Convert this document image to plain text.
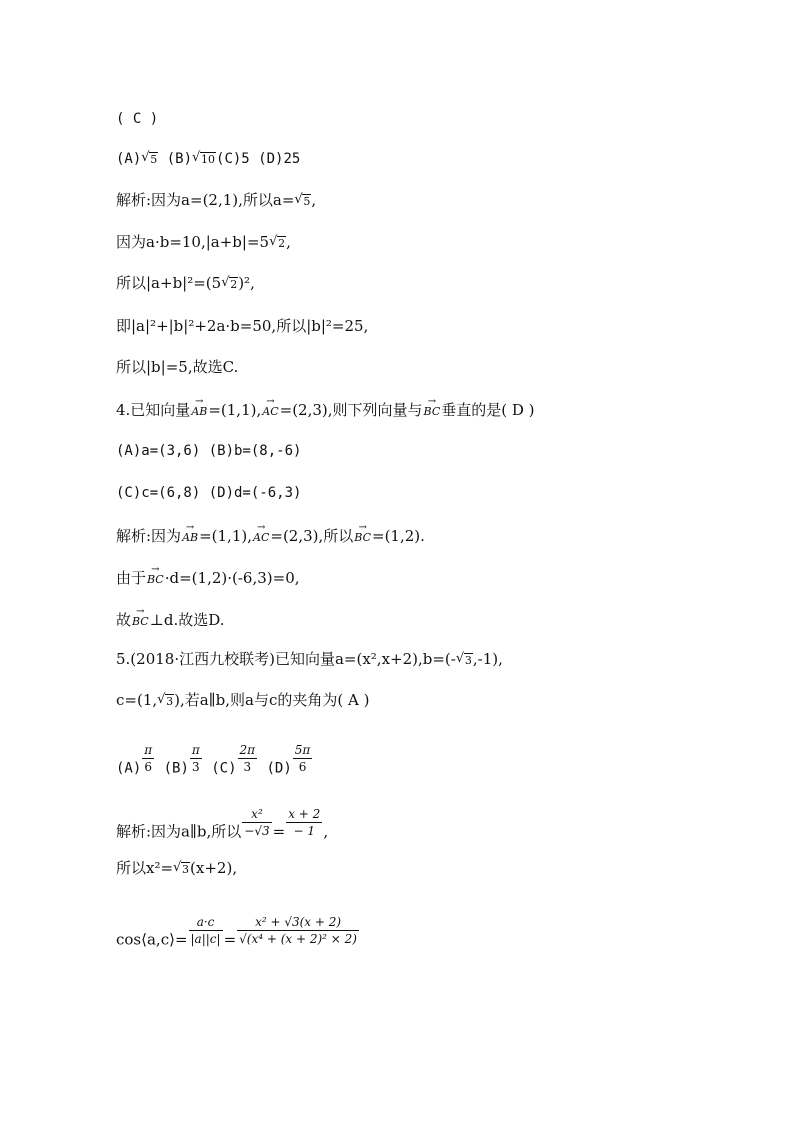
( C )
(A) √ 5 (B) √ 10(C)5 (D)25
解析:因为a=(2,1),所以a= √ 5,
因为a·b=10,|a+b|=5 √ 2,
所以|a+b|²=(5 √ 2)²,
即|a|²+|b|²+2a·b=50,所以|b|²=25,
所以|b|=5,故选C.
4.已知向量→ AB=(1,1),→ AC=(2,3),则下列向量与→ BC垂直的是( D )
(A)a=(3,6) (B)b=(8,-6)
(C)c=(6,8) (D)d=(-6,3)
解析:因为→ AB=(1,1),→ AC=(2,3),所以→ BC=(1,2).
由于→ BC·d=(1,2)·(-6,3)=0,
故→ BC⊥d.故选D.
5.(2018·江西九校联考)已知向量a=(x²,x+2),b=(- √ 3,-1),
c=(1, √ 3),若a∥b,则a与c的夹角为( A )
$(A) \frac{\pi}{6} (B) \frac{\pi}{3} (C) \frac{2\pi}{3} (D) \frac{5\pi}{6}$
解析:因为a∥b,所以 $\frac{\text{x²}}{-√3} = \frac{x + 2}{- 1}$ ,
所以x²= √ 3(x+2),
cos⟨a,c⟩= $\frac{a\cdot c}{|a||c|} = \frac{\text{x² + √3(x + 2)}}{\text{√(x⁴ + (x + 2)² × 2)}}$
